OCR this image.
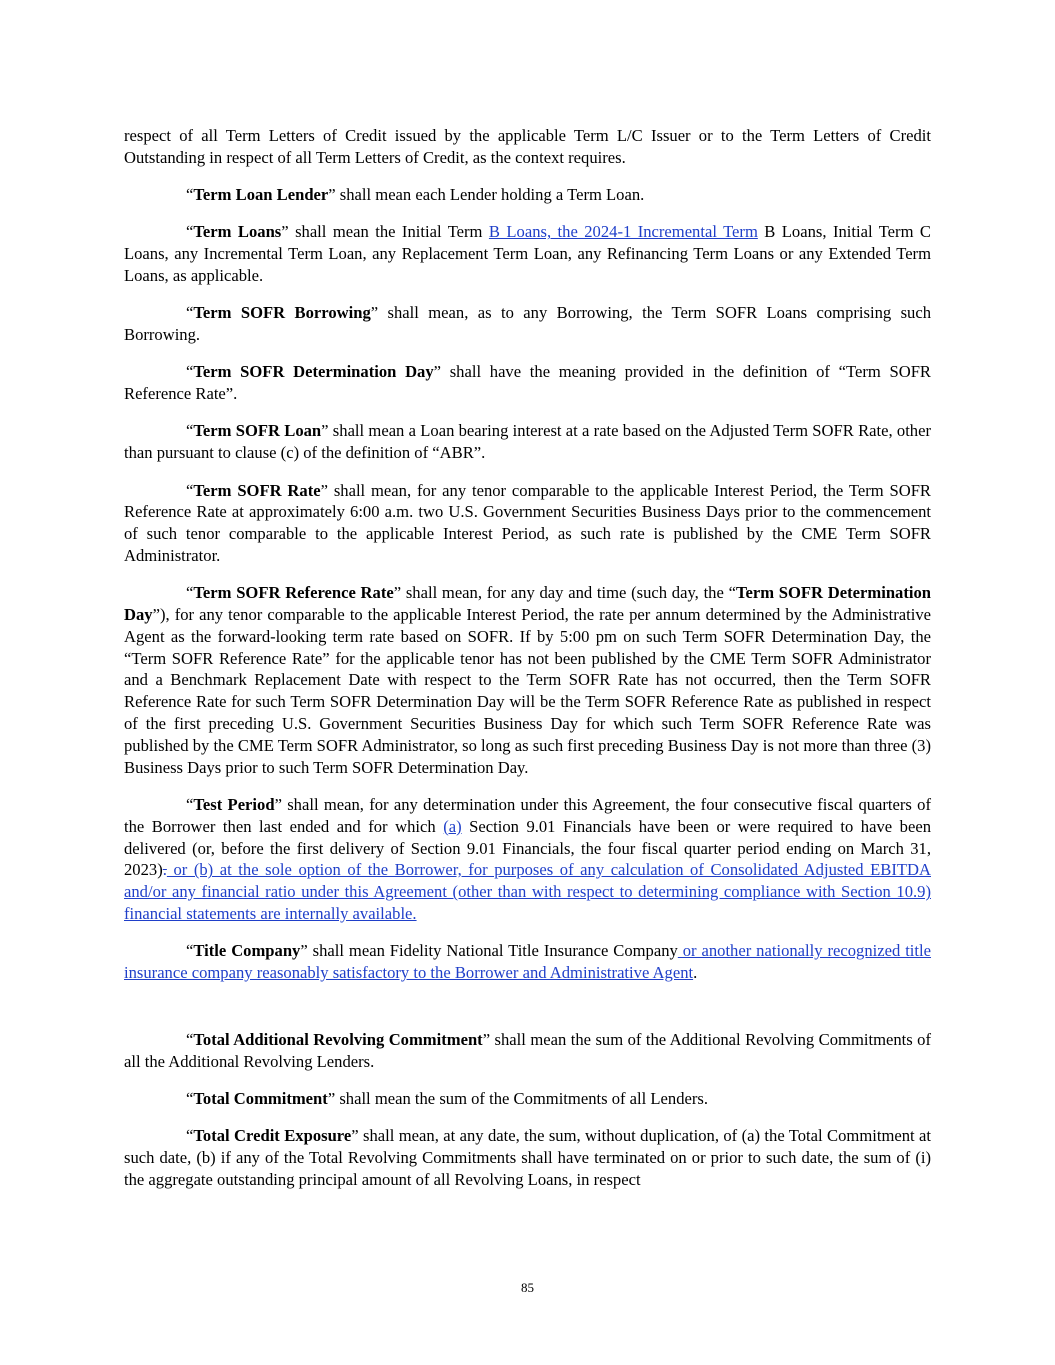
respect of all Term Letters of Credit issued by the applicable Term L/C Issuer or to the Term Letters of Credit Outstanding in respect of all Term Letters of Credit, as the context requires.

“Term Loan Lender” shall mean each Lender holding a Term Loan.

“Term Loans” shall mean the Initial Term B Loans, the 2024-1 Incremental Term B Loans, Initial Term C Loans, any Incremental Term Loan, any Replacement Term Loan, any Refinancing Term Loans or any Extended Term Loans, as applicable.

“Term SOFR Borrowing” shall mean, as to any Borrowing, the Term SOFR Loans comprising such Borrowing.

“Term SOFR Determination Day” shall have the meaning provided in the definition of “Term SOFR Reference Rate”.

“Term SOFR Loan” shall mean a Loan bearing interest at a rate based on the Adjusted Term SOFR Rate, other than pursuant to clause (c) of the definition of “ABR”.

“Term SOFR Rate” shall mean, for any tenor comparable to the applicable Interest Period, the Term SOFR Reference Rate at approximately 6:00 a.m. two U.S. Government Securities Business Days prior to the commencement of such tenor comparable to the applicable Interest Period, as such rate is published by the CME Term SOFR Administrator.

“Term SOFR Reference Rate” shall mean, for any day and time (such day, the “Term SOFR Determination Day”), for any tenor comparable to the applicable Interest Period, the rate per annum determined by the Administrative Agent as the forward-looking term rate based on SOFR. If by 5:00 pm on such Term SOFR Determination Day, the “Term SOFR Reference Rate” for the applicable tenor has not been published by the CME Term SOFR Administrator and a Benchmark Replacement Date with respect to the Term SOFR Rate has not occurred, then the Term SOFR Reference Rate for such Term SOFR Determination Day will be the Term SOFR Reference Rate as published in respect of the first preceding U.S. Government Securities Business Day for which such Term SOFR Reference Rate was published by the CME Term SOFR Administrator, so long as such first preceding Business Day is not more than three (3) Business Days prior to such Term SOFR Determination Day.

“Test Period” shall mean, for any determination under this Agreement, the four consecutive fiscal quarters of the Borrower then last ended and for which (a) Section 9.01 Financials have been or were required to have been delivered (or, before the first delivery of Section 9.01 Financials, the four fiscal quarter period ending on March 31, 2023). or (b) at the sole option of the Borrower, for purposes of any calculation of Consolidated Adjusted EBITDA and/or any financial ratio under this Agreement (other than with respect to determining compliance with Section 10.9) financial statements are internally available.

“Title Company” shall mean Fidelity National Title Insurance Company or another nationally recognized title insurance company reasonably satisfactory to the Borrower and Administrative Agent.

“Total Additional Revolving Commitment” shall mean the sum of the Additional Revolving Commitments of all the Additional Revolving Lenders.

“Total Commitment” shall mean the sum of the Commitments of all Lenders.

“Total Credit Exposure” shall mean, at any date, the sum, without duplication, of (a) the Total Commitment at such date, (b) if any of the Total Revolving Commitments shall have terminated on or prior to such date, the sum of (i) the aggregate outstanding principal amount of all Revolving Loans, in respect

85
